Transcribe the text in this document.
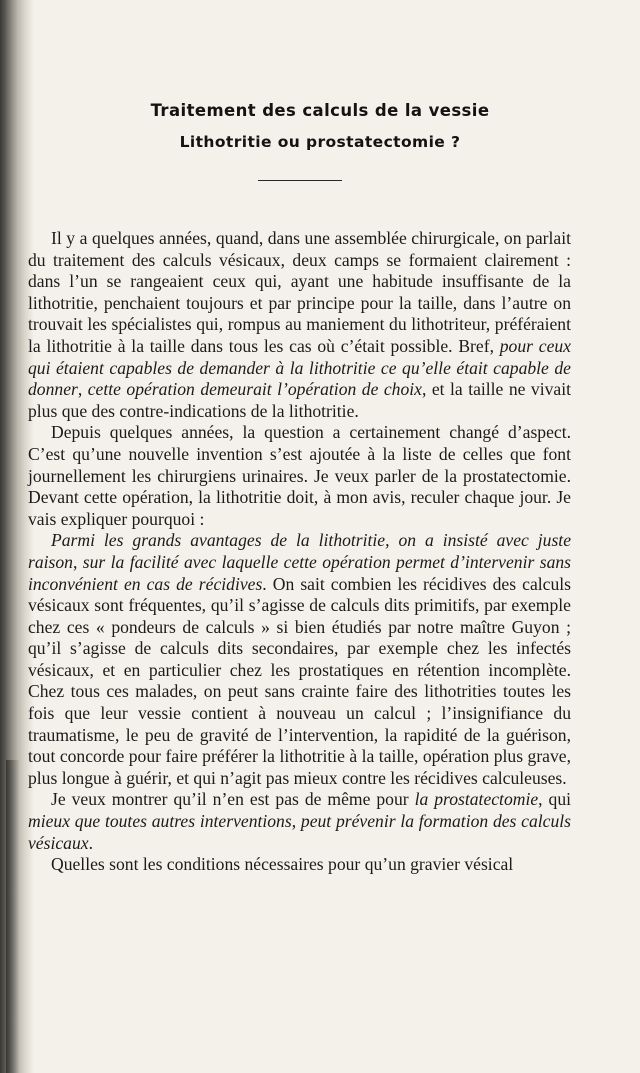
Traitement des calculs de la vessie
Lithotritie ou prostatectomie ?

Il y a quelques années, quand, dans une assemblée chirurgicale, on parlait du traitement des calculs vésicaux, deux camps se formaient clairement : dans l’un se rangeaient ceux qui, ayant une habitude insuffisante de la lithotritie, penchaient toujours et par principe pour la taille, dans l’autre on trouvait les spécialistes qui, rompus au maniement du lithotriteur, préféraient la lithotritie à la taille dans tous les cas où c’était possible. Bref, pour ceux qui étaient capables de demander à la lithotritie ce qu’elle était capable de donner, cette opération demeurait l’opération de choix, et la taille ne vivait plus que des contre-indications de la lithotritie.

Depuis quelques années, la question a certainement changé d’aspect. C’est qu’une nouvelle invention s’est ajoutée à la liste de celles que font journellement les chirurgiens urinaires. Je veux parler de la prostatectomie. Devant cette opération, la lithotritie doit, à mon avis, reculer chaque jour. Je vais expliquer pourquoi :

Parmi les grands avantages de la lithotritie, on a insisté avec juste raison, sur la facilité avec laquelle cette opération permet d’intervenir sans inconvénient en cas de récidives. On sait combien les récidives des calculs vésicaux sont fréquentes, qu’il s’agisse de calculs dits primitifs, par exemple chez ces « pondeurs de calculs » si bien étudiés par notre maître Guyon ; qu’il s’agisse de calculs dits secondaires, par exemple chez les infectés vésicaux, et en particulier chez les prostatiques en rétention incomplète. Chez tous ces malades, on peut sans crainte faire des lithotrities toutes les fois que leur vessie contient à nouveau un calcul ; l’insignifiance du traumatisme, le peu de gravité de l’intervention, la rapidité de la guérison, tout concorde pour faire préférer la lithotritie à la taille, opération plus grave, plus longue à guérir, et qui n’agit pas mieux contre les récidives calculeuses.

Je veux montrer qu’il n’en est pas de même pour la prostatectomie, qui mieux que toutes autres interventions, peut prévenir la formation des calculs vésicaux.

Quelles sont les conditions nécessaires pour qu’un gravier vésical
